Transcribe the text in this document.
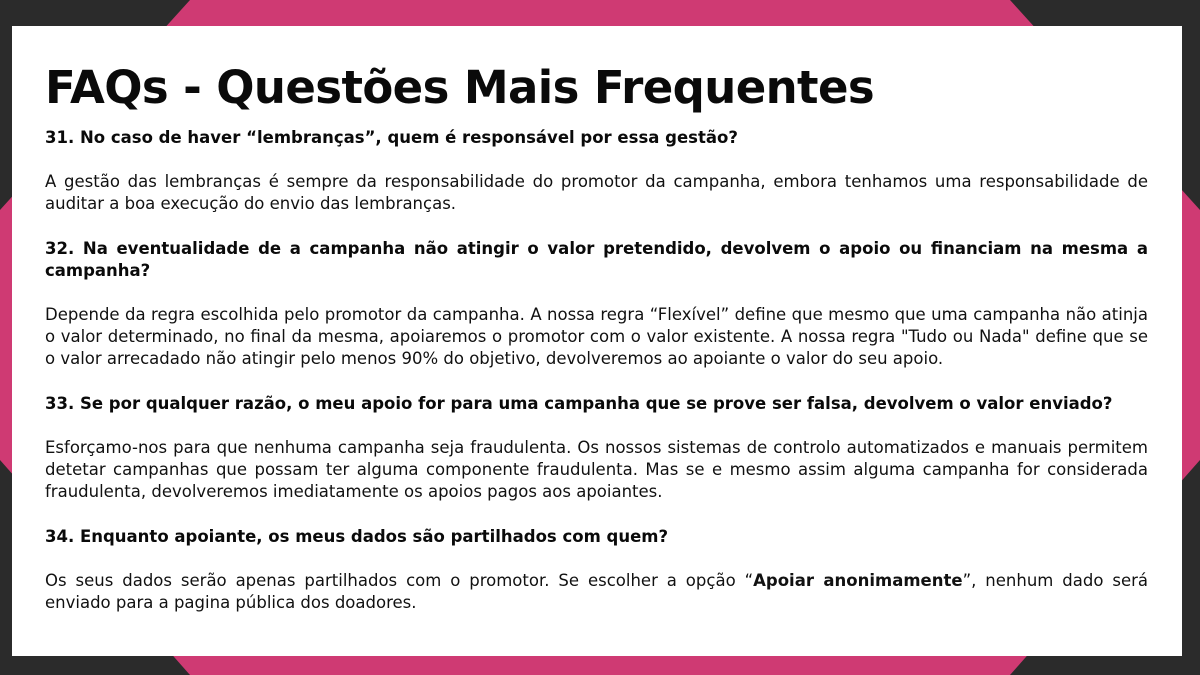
FAQs - Questões Mais Frequentes

31. No caso de haver “lembranças”, quem é responsável por essa gestão?

A gestão das lembranças é sempre da responsabilidade do promotor da campanha, embora tenhamos uma responsabilidade de auditar a boa execução do envio das lembranças.

32. Na eventualidade de a campanha não atingir o valor pretendido, devolvem o apoio ou financiam na mesma a campanha?

Depende da regra escolhida pelo promotor da campanha. A nossa regra “Flexível” define que mesmo que uma campanha não atinja o valor determinado, no final da mesma, apoiaremos o promotor com o valor existente. A nossa regra "Tudo ou Nada" define que se o valor arrecadado não atingir pelo menos 90% do objetivo, devolveremos ao apoiante o valor do seu apoio.

33. Se por qualquer razão, o meu apoio for para uma campanha que se prove ser falsa, devolvem o valor enviado?

Esforçamo-nos para que nenhuma campanha seja fraudulenta. Os nossos sistemas de controlo automatizados e manuais permitem detetar campanhas que possam ter alguma componente fraudulenta. Mas se e mesmo assim alguma campanha for considerada fraudulenta, devolveremos imediatamente os apoios pagos aos apoiantes.

34. Enquanto apoiante, os meus dados são partilhados com quem?

Os seus dados serão apenas partilhados com o promotor. Se escolher a opção “Apoiar anonimamente”, nenhum dado será enviado para a pagina pública dos doadores.
